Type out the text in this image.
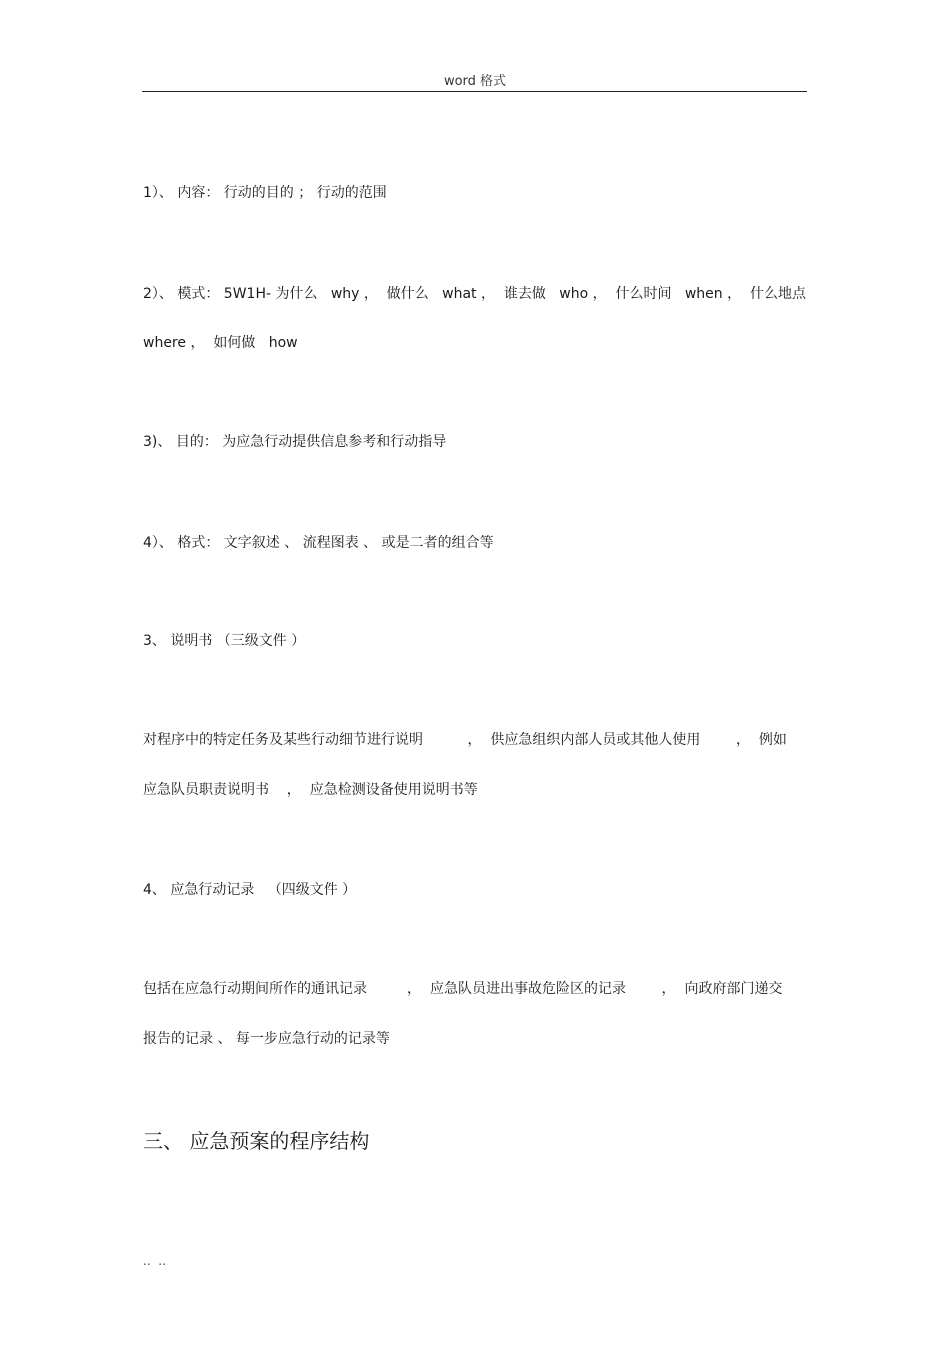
word 格式
1）、 内容： 行动的目的 ； 行动的范围
2）、 模式： 5W1H- 为什么   why ，  做什么   what ，  谁去做   who ，  什么时间   when ，  什么地点
where ，  如何做   how
3)、 目的： 为应急行动提供信息参考和行动指导
4）、 格式： 文字叙述 、 流程图表 、 或是二者的组合等
3、 说明书 （三级文件 ）
对程序中的特定任务及某些行动细节进行说明          ，  供应急组织内部人员或其他人使用        ，  例如
应急队员职责说明书    ，  应急检测设备使用说明书等
4、 应急行动记录   （四级文件 ）
包括在应急行动期间所作的通讯记录         ，  应急队员进出事故危险区的记录        ，  向政府部门递交
报告的记录 、 每一步应急行动的记录等
三、 应急预案的程序结构
..  ..
